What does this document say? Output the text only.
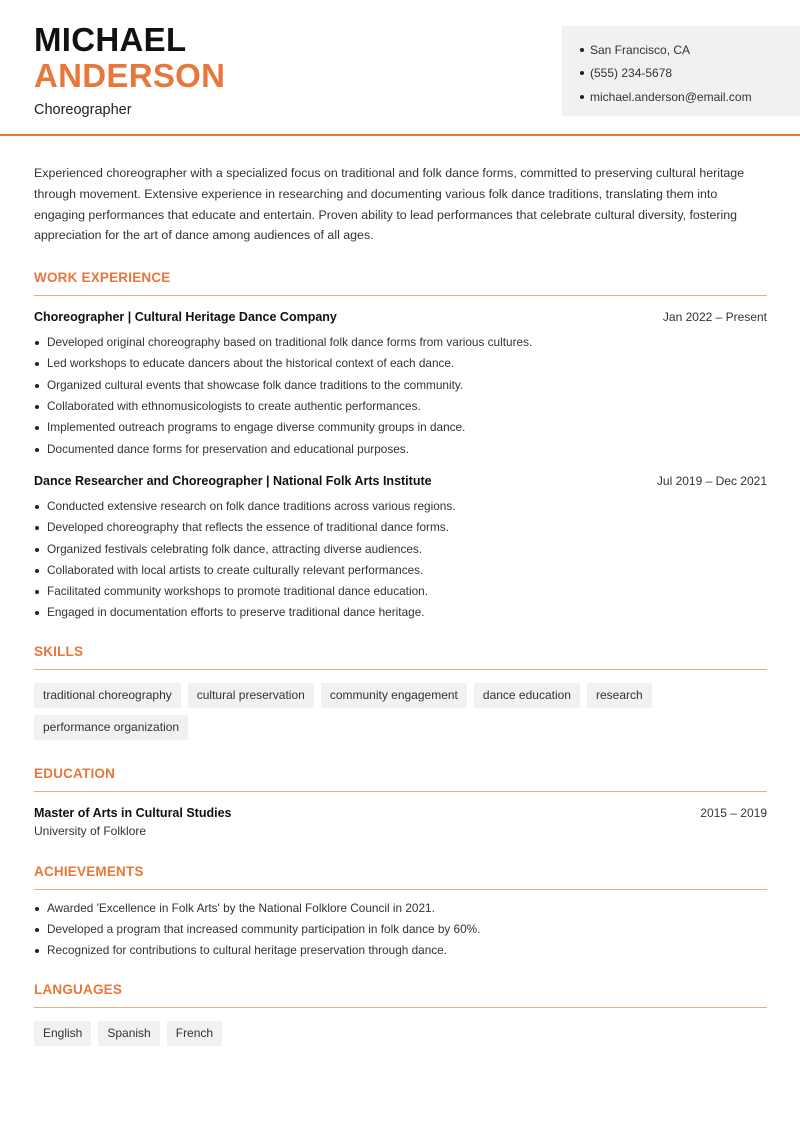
MICHAEL
ANDERSON
Choreographer
San Francisco, CA
(555) 234-5678
michael.anderson@email.com
Experienced choreographer with a specialized focus on traditional and folk dance forms, committed to preserving cultural heritage through movement. Extensive experience in researching and documenting various folk dance traditions, translating them into engaging performances that educate and entertain. Proven ability to lead performances that celebrate cultural diversity, fostering appreciation for the art of dance among audiences of all ages.
WORK EXPERIENCE
Choreographer | Cultural Heritage Dance Company	Jan 2022 – Present
Developed original choreography based on traditional folk dance forms from various cultures.
Led workshops to educate dancers about the historical context of each dance.
Organized cultural events that showcase folk dance traditions to the community.
Collaborated with ethnomusicologists to create authentic performances.
Implemented outreach programs to engage diverse community groups in dance.
Documented dance forms for preservation and educational purposes.
Dance Researcher and Choreographer | National Folk Arts Institute	Jul 2019 – Dec 2021
Conducted extensive research on folk dance traditions across various regions.
Developed choreography that reflects the essence of traditional dance forms.
Organized festivals celebrating folk dance, attracting diverse audiences.
Collaborated with local artists to create culturally relevant performances.
Facilitated community workshops to promote traditional dance education.
Engaged in documentation efforts to preserve traditional dance heritage.
SKILLS
traditional choreography	cultural preservation	community engagement	dance education	research
performance organization
EDUCATION
Master of Arts in Cultural Studies	2015 – 2019
University of Folklore
ACHIEVEMENTS
Awarded 'Excellence in Folk Arts' by the National Folklore Council in 2021.
Developed a program that increased community participation in folk dance by 60%.
Recognized for contributions to cultural heritage preservation through dance.
LANGUAGES
English	Spanish	French
